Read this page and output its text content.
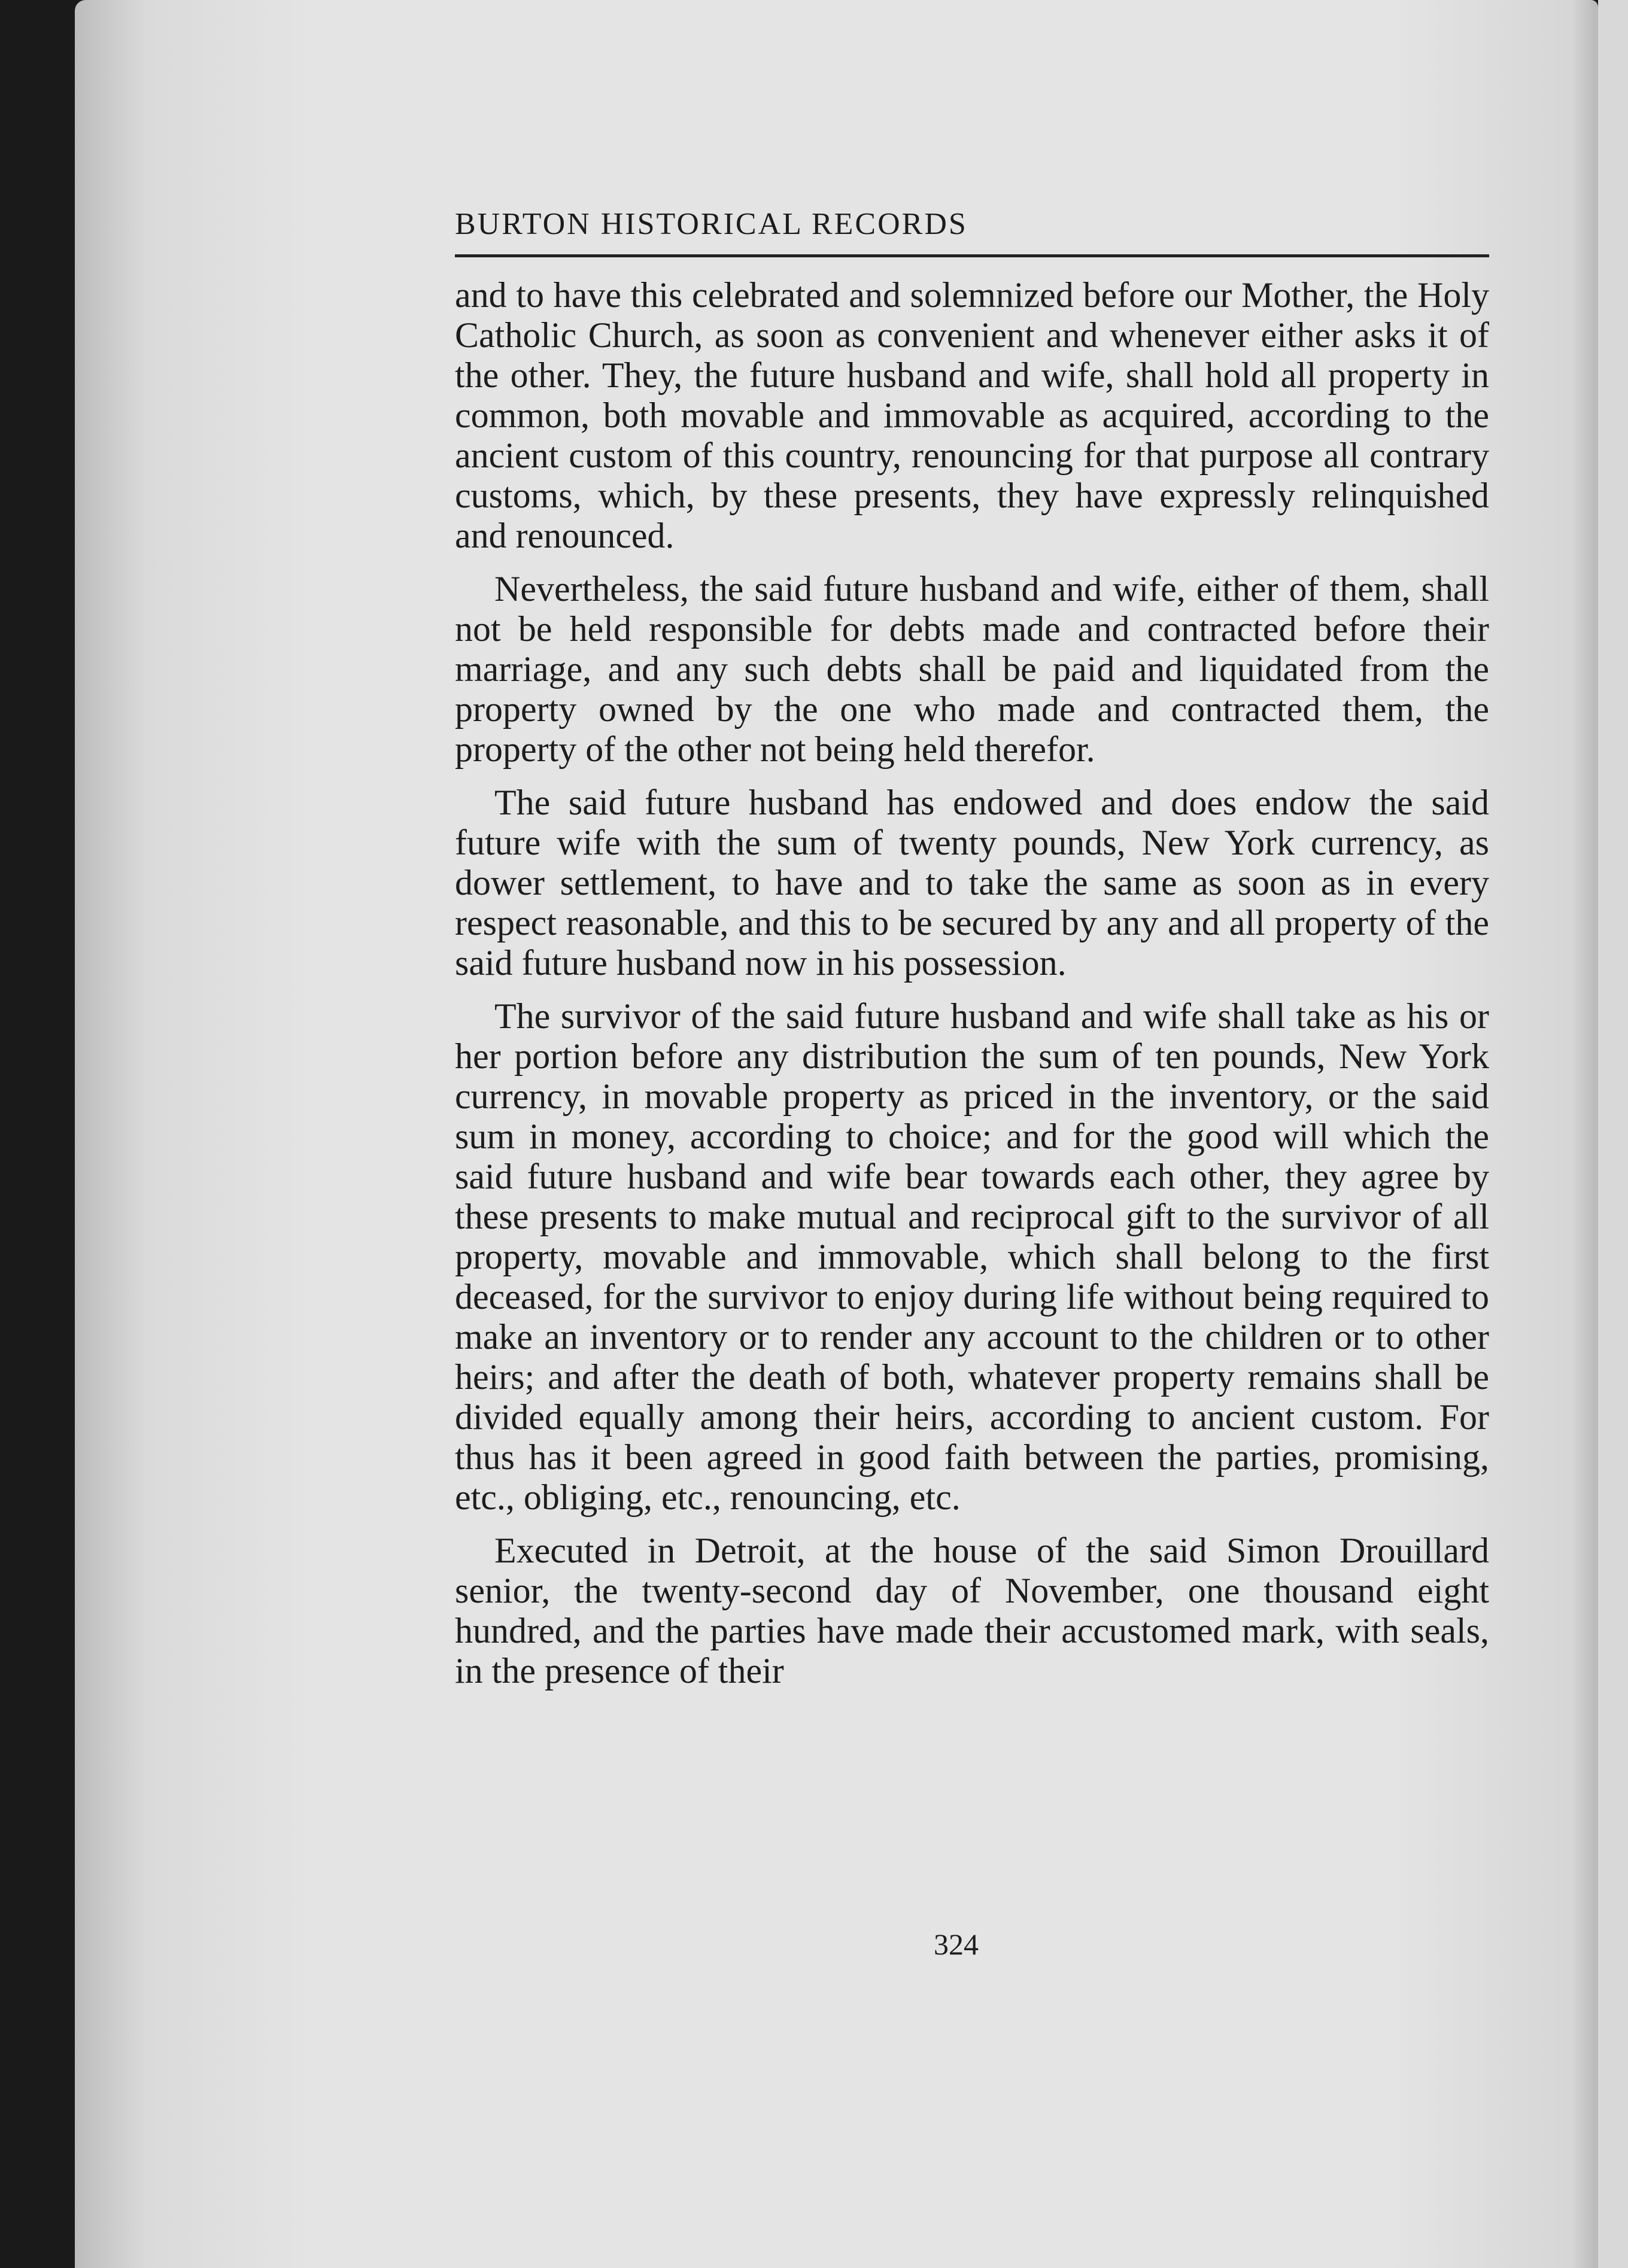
BURTON HISTORICAL RECORDS

and to have this celebrated and solemnized before our Mother, the Holy Catholic Church, as soon as convenient and whenever either asks it of the other. They, the future husband and wife, shall hold all property in common, both movable and immovable as acquired, according to the ancient custom of this country, renouncing for that purpose all contrary customs, which, by these presents, they have expressly relinquished and renounced.

Nevertheless, the said future husband and wife, either of them, shall not be held responsible for debts made and contracted before their marriage, and any such debts shall be paid and liquidated from the property owned by the one who made and contracted them, the property of the other not being held therefor.

The said future husband has endowed and does endow the said future wife with the sum of twenty pounds, New York currency, as dower settlement, to have and to take the same as soon as in every respect reasonable, and this to be secured by any and all property of the said future husband now in his possession.

The survivor of the said future husband and wife shall take as his or her portion before any distribution the sum of ten pounds, New York currency, in movable property as priced in the inventory, or the said sum in money, according to choice; and for the good will which the said future husband and wife bear towards each other, they agree by these presents to make mutual and reciprocal gift to the survivor of all property, movable and immovable, which shall belong to the first deceased, for the survivor to enjoy during life without being required to make an inventory or to render any account to the children or to other heirs; and after the death of both, whatever property remains shall be divided equally among their heirs, according to ancient custom. For thus has it been agreed in good faith between the parties, promising, etc., obliging, etc., renouncing, etc.

Executed in Detroit, at the house of the said Simon Drouillard senior, the twenty-second day of November, one thousand eight hundred, and the parties have made their accustomed mark, with seals, in the presence of their

324
